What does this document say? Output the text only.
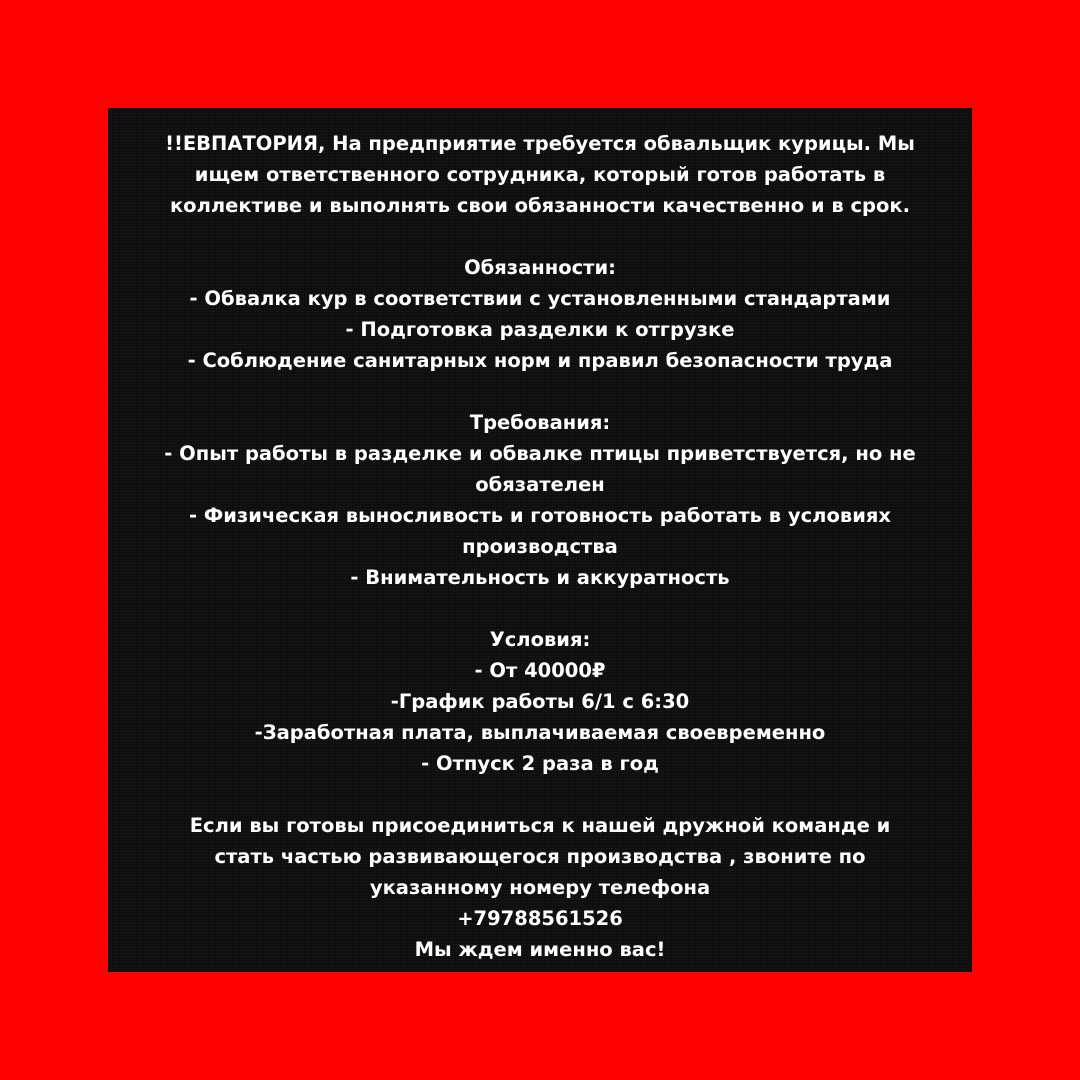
!!ЕВПАТОРИЯ, На предприятие требуется обвальщик курицы. Мы
ищем ответственного сотрудника, который готов работать в
коллективе и выполнять свои обязанности качественно и в срок.
Обязанности:
- Обвалка кур в соответствии с установленными стандартами
- Подготовка разделки к отгрузке
- Соблюдение санитарных норм и правил безопасности труда
Требования:
- Опыт работы в разделке и обвалке птицы приветствуется, но не
обязателен
- Физическая выносливость и готовность работать в условиях
производства
- Внимательность и аккуратность
Условия:
- От 40000₽
-График работы 6/1 с 6:30
-Заработная плата, выплачиваемая своевременно
- Отпуск 2 раза в год
Если вы готовы присоединиться к нашей дружной команде и
стать частью развивающегося производства , звоните по
указанному номеру телефона
+79788561526
Мы ждем именно вас!
